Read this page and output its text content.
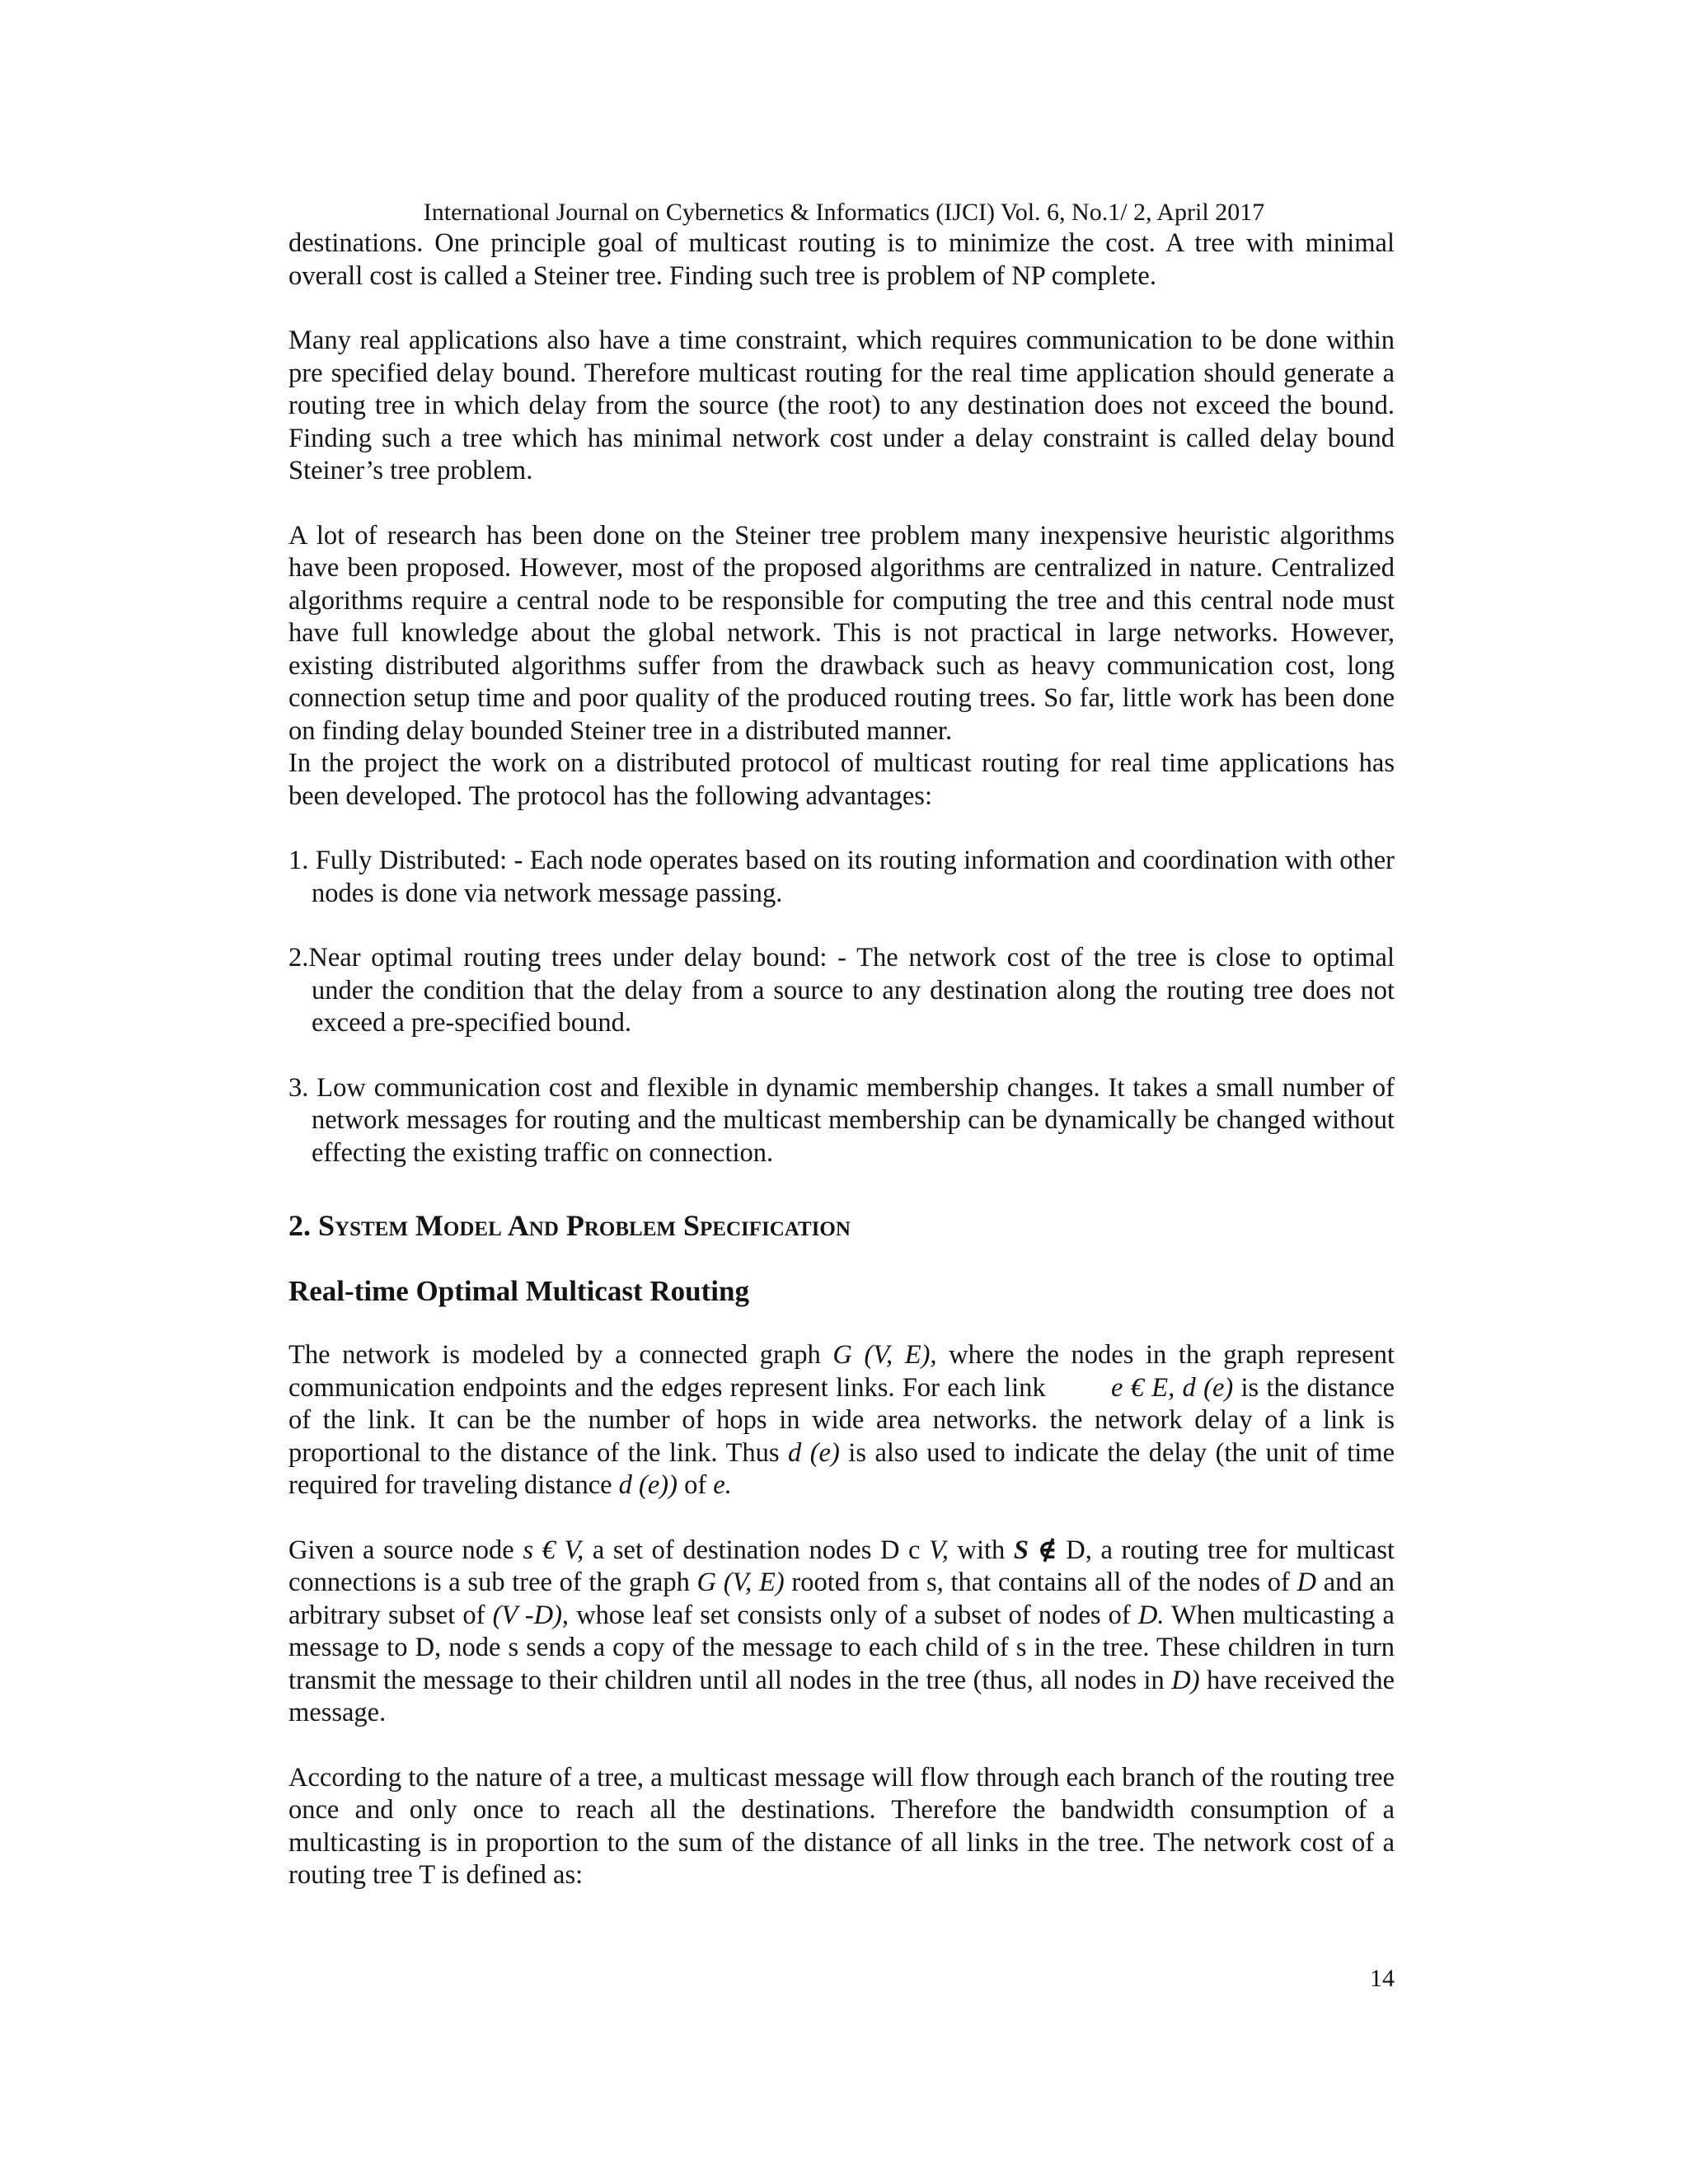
International Journal on Cybernetics & Informatics (IJCI) Vol. 6, No.1/ 2, April 2017

destinations. One principle goal of multicast routing is to minimize the cost. A tree with minimal overall cost is called a Steiner tree. Finding such tree is problem of NP complete.

Many real applications also have a time constraint, which requires communication to be done within pre specified delay bound. Therefore multicast routing for the real time application should generate a routing tree in which delay from the source (the root) to any destination does not exceed the bound. Finding such a tree which has minimal network cost under a delay constraint is called delay bound Steiner’s tree problem.

A lot of research has been done on the Steiner tree problem many inexpensive heuristic algorithms have been proposed. However, most of the proposed algorithms are centralized in nature. Centralized algorithms require a central node to be responsible for computing the tree and this central node must have full knowledge about the global network. This is not practical in large networks. However, existing distributed algorithms suffer from the drawback such as heavy communication cost, long connection setup time and poor quality of the produced routing trees. So far, little work has been done on finding delay bounded Steiner tree in a distributed manner.

In the project the work on a distributed protocol of multicast routing for real time applications has been developed. The protocol has the following advantages:

1. Fully Distributed: - Each node operates based on its routing information and coordination with other nodes is done via network message passing.

2.Near optimal routing trees under delay bound: - The network cost of the tree is close to optimal under the condition that the delay from a source to any destination along the routing tree does not exceed a pre-specified bound.

3. Low communication cost and flexible in dynamic membership changes. It takes a small number of network messages for routing and the multicast membership can be dynamically be changed without effecting the existing traffic on connection.

2. System Model And Problem Specification
Real-time Optimal Multicast Routing

The network is modeled by a connected graph G (V, E), where the nodes in the graph represent communication endpoints and the edges represent links. For each link e € E, d (e) is the distance of the link. It can be the number of hops in wide area networks. the network delay of a link is proportional to the distance of the link. Thus d (e) is also used to indicate the delay (the unit of time required for traveling distance d (e)) of e.

Given a source node s € V, a set of destination nodes D c V, with S ∉ D, a routing tree for multicast connections is a sub tree of the graph G (V, E) rooted from s, that contains all of the nodes of D and an arbitrary subset of (V -D), whose leaf set consists only of a subset of nodes of D. When multicasting a message to D, node s sends a copy of the message to each child of s in the tree. These children in turn transmit the message to their children until all nodes in the tree (thus, all nodes in D) have received the message.

According to the nature of a tree, a multicast message will flow through each branch of the routing tree once and only once to reach all the destinations. Therefore the bandwidth consumption of a multicasting is in proportion to the sum of the distance of all links in the tree. The network cost of a routing tree T is defined as:

14
